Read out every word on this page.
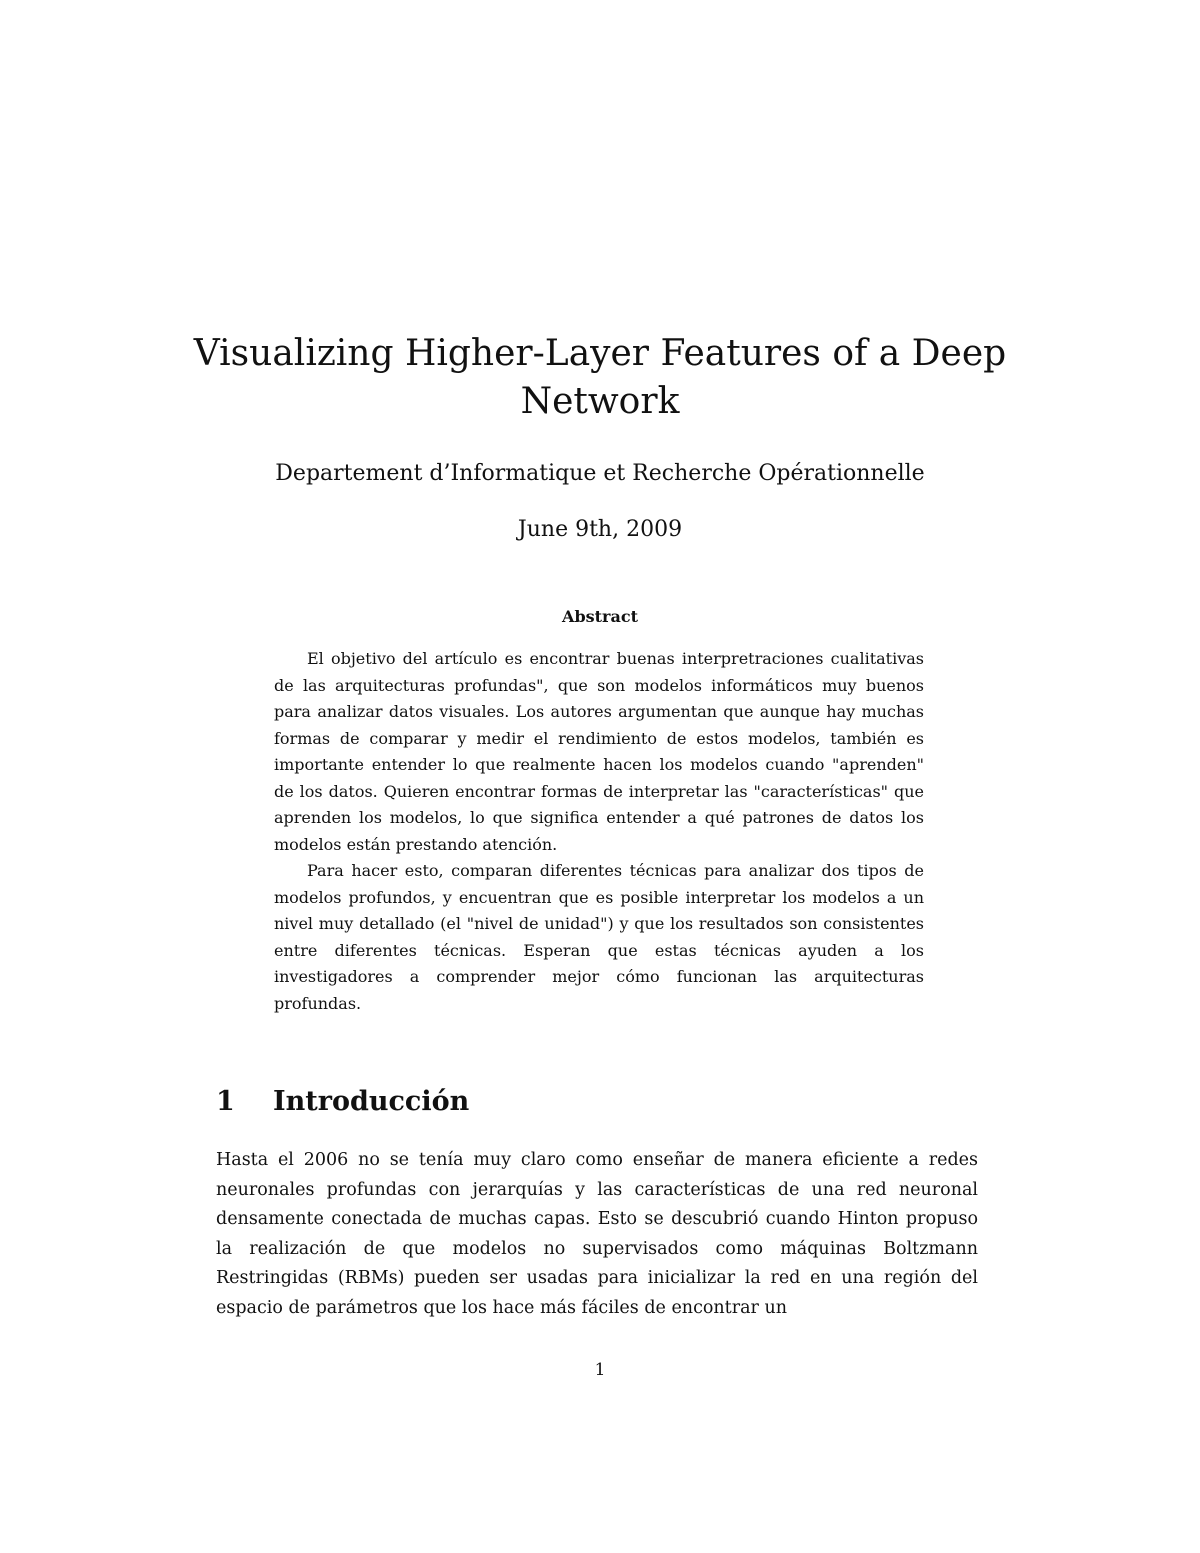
Visualizing Higher-Layer Features of a Deep Network

Departement d’Informatique et Recherche Opérationnelle

June 9th, 2009

Abstract

El objetivo del artículo es encontrar buenas interpretraciones cualitativas de las arquitecturas profundas", que son modelos informáticos muy buenos para analizar datos visuales. Los autores argumentan que aunque hay muchas formas de comparar y medir el rendimiento de estos modelos, también es importante entender lo que realmente hacen los modelos cuando "aprenden" de los datos. Quieren encontrar formas de interpretar las "características" que aprenden los modelos, lo que significa entender a qué patrones de datos los modelos están prestando atención.

Para hacer esto, comparan diferentes técnicas para analizar dos tipos de modelos profundos, y encuentran que es posible interpretar los modelos a un nivel muy detallado (el "nivel de unidad") y que los resultados son consistentes entre diferentes técnicas. Esperan que estas técnicas ayuden a los investigadores a comprender mejor cómo funcionan las arquitecturas profundas.

1 Introducción

Hasta el 2006 no se tenía muy claro como enseñar de manera eficiente a redes neuronales profundas con jerarquías y las características de una red neuronal densamente conectada de muchas capas. Esto se descubrió cuando Hinton propuso la realización de que modelos no supervisados como máquinas Boltzmann Restringidas (RBMs) pueden ser usadas para inicializar la red en una región del espacio de parámetros que los hace más fáciles de encontrar un

1
